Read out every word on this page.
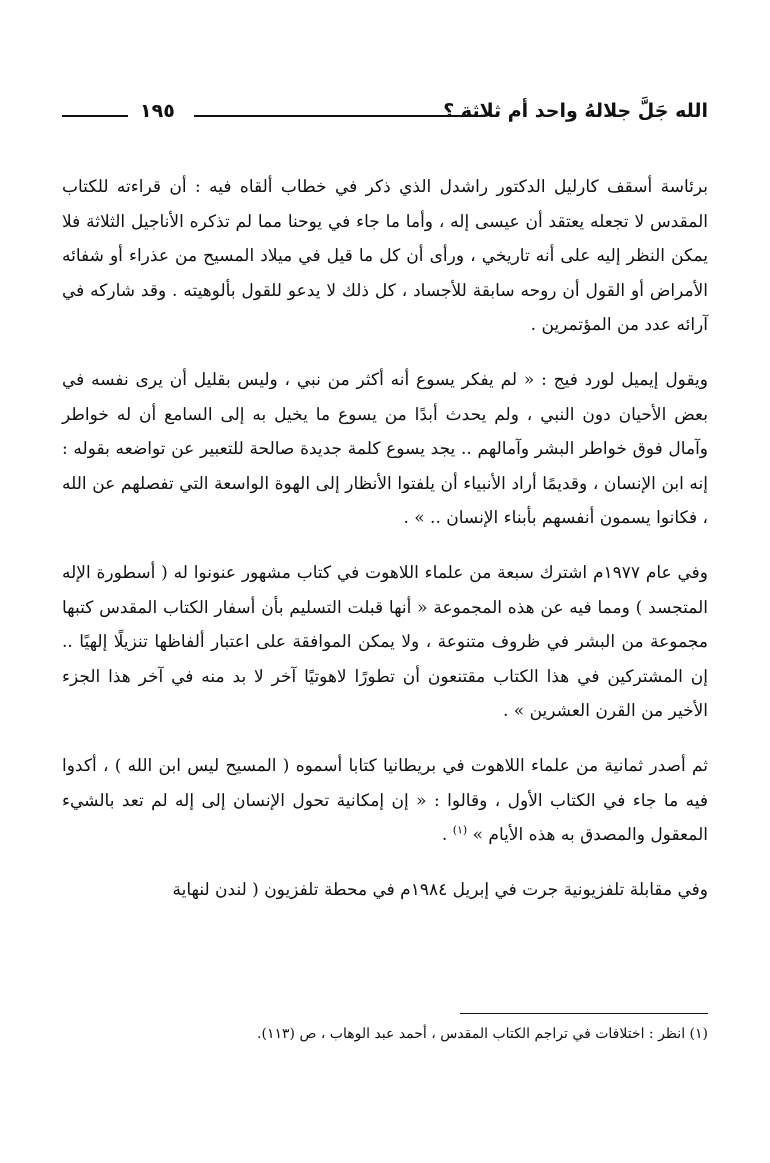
الله جَلَّ جلالهُ واحد أم ثلاثة ؟
١٩٥

برئاسة أسقف كارليل الدكتور راشدل الذي ذكر في خطاب ألقاه فيه : أن قراءته للكتاب المقدس لا تجعله يعتقد أن عيسى إله ، وأما ما جاء في يوحنا مما لم تذكره الأناجيل الثلاثة فلا يمكن النظر إليه على أنه تاريخي ، ورأى أن كل ما قيل في ميلاد المسيح من عذراء أو شفائه الأمراض أو القول أن روحه سابقة للأجساد ، كل ذلك لا يدعو للقول بألوهيته . وقد شاركه في آرائه عدد من المؤتمرين .

ويقول إيميل لورد فيج : « لم يفكر يسوع أنه أكثر من نبي ، وليس بقليل أن يرى نفسه في بعض الأحيان دون النبي ، ولم يحدث أبدًا من يسوع ما يخيل به إلى السامع أن له خواطر وآمال فوق خواطر البشر وآمالهم .. يجد يسوع كلمة جديدة صالحة للتعبير عن تواضعه بقوله : إنه ابن الإنسان ، وقديمًا أراد الأنبياء أن يلفتوا الأنظار إلى الهوة الواسعة التي تفصلهم عن الله ، فكانوا يسمون أنفسهم بأبناء الإنسان .. » .

وفي عام ١٩٧٧م اشترك سبعة من علماء اللاهوت في كتاب مشهور عنونوا له ( أسطورة الإله المتجسد ) ومما فيه عن هذه المجموعة « أنها قبلت التسليم بأن أسفار الكتاب المقدس كتبها مجموعة من البشر في ظروف متنوعة ، ولا يمكن الموافقة على اعتبار ألفاظها تنزيلًا إلهيًا .. إن المشتركين في هذا الكتاب مقتنعون أن تطورًا لاهوتيًا آخر لا بد منه في آخر هذا الجزء الأخير من القرن العشرين » .

ثم أصدر ثمانية من علماء اللاهوت في بريطانيا كتابا أسموه ( المسيح ليس ابن الله ) ، أكدوا فيه ما جاء في الكتاب الأول ، وقالوا : « إن إمكانية تحول الإنسان إلى إله لم تعد بالشيء المعقول والمصدق به هذه الأيام » $^{(١)}$ .

وفي مقابلة تلفزيونية جرت في إبريل ١٩٨٤م في محطة تلفزيون ( لندن لنهاية

(١) انظر : اختلافات في تراجم الكتاب المقدس ، أحمد عبد الوهاب ، ص (١١٣).
